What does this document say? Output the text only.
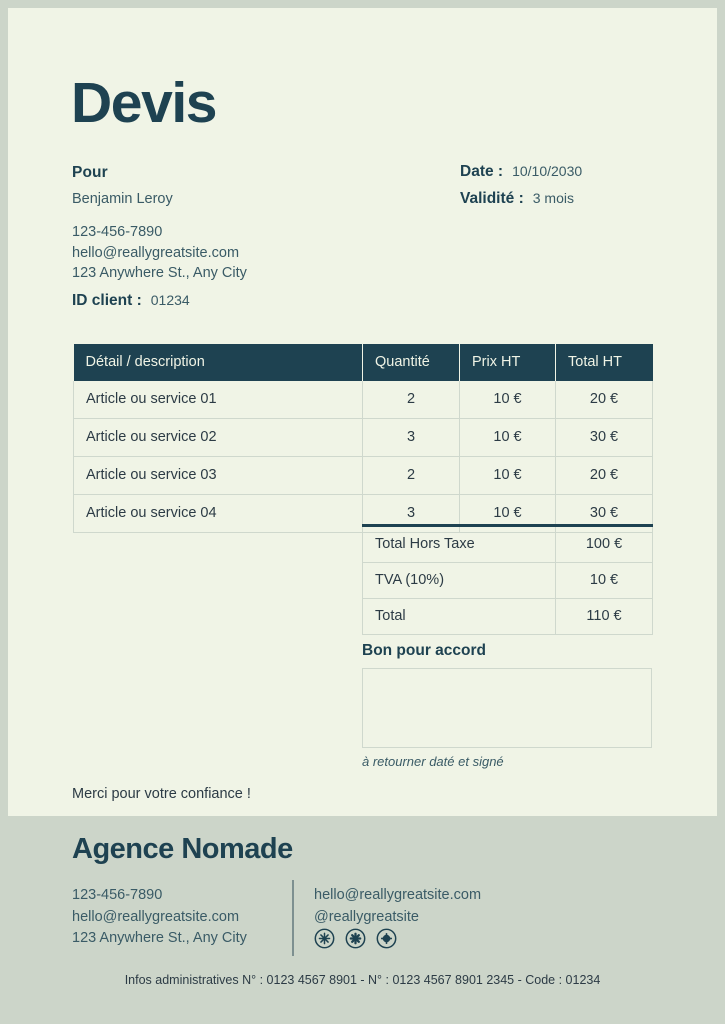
Devis
Pour
Benjamin Leroy
123-456-7890
hello@reallygreatsite.com
123 Anywhere St., Any City
ID client : 01234
Date : 10/10/2030
Validité : 3 mois
Détail / description	Quantité	Prix HT	Total HT
Article ou service 01	2	10 €	20 €
Article ou service 02	3	10 €	30 €
Article ou service 03	2	10 €	20 €
Article ou service 04	3	10 €	30 €
Total Hors Taxe	100 €
TVA (10%)	10 €
Total	110 €
Bon pour accord
à retourner daté et signé
Merci pour votre confiance !
Agence Nomade
123-456-7890
hello@reallygreatsite.com
123 Anywhere St., Any City
hello@reallygreatsite.com
@reallygreatsite
Infos administratives N° : 0123 4567 8901 - N° : 0123 4567 8901 2345 - Code : 01234
